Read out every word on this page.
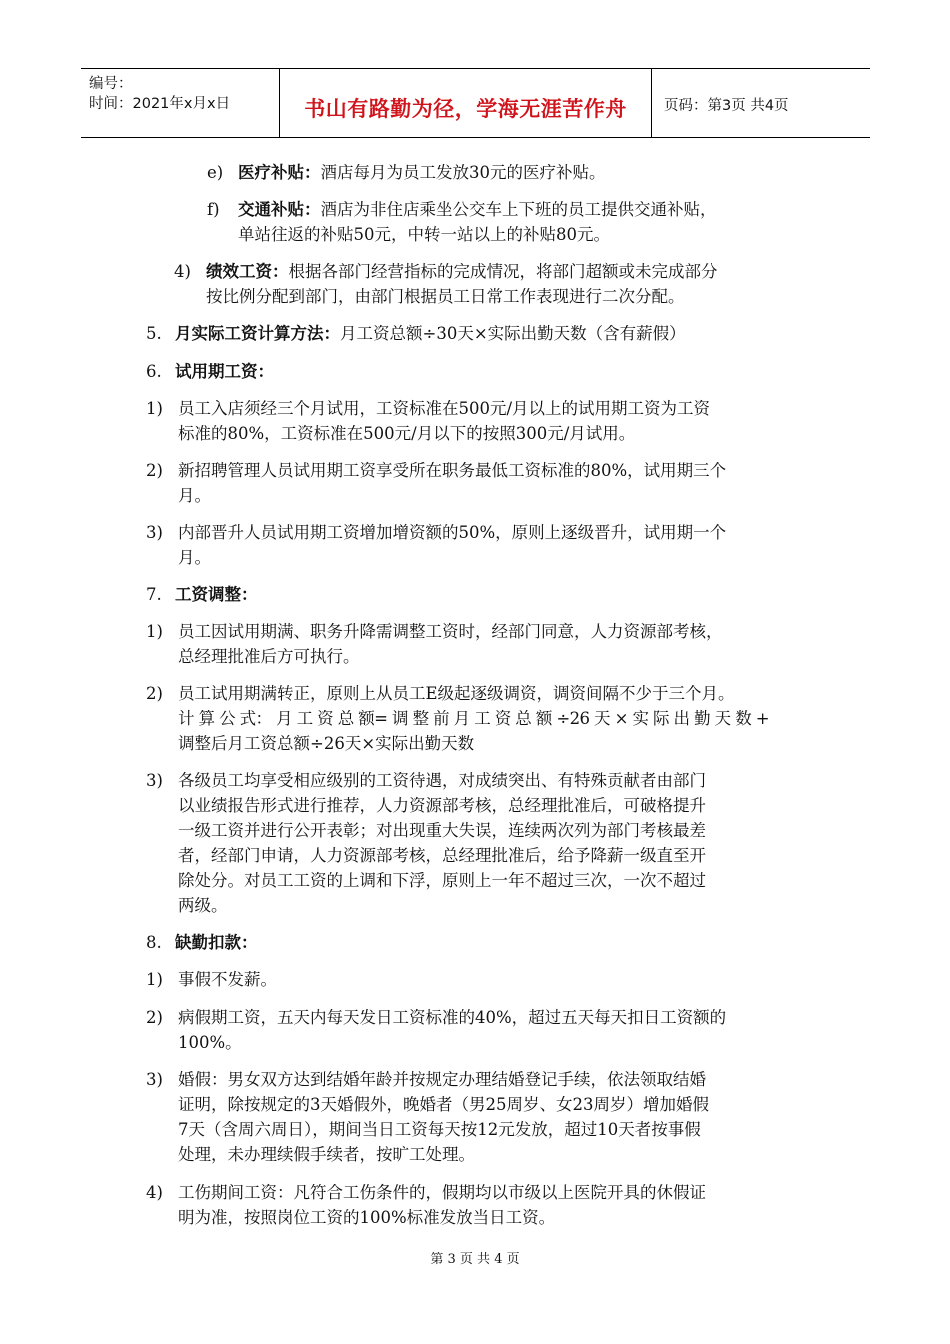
编号：
时间：2021年x月x日	书山有路勤为径，学海无涯苦作舟	页码：第3页 共4页
e) 医疗补贴：酒店每月为员工发放30元的医疗补贴。
f) 交通补贴：酒店为非住店乘坐公交车上下班的员工提供交通补贴，
单站往返的补贴50元，中转一站以上的补贴80元。
4) 绩效工资：根据各部门经营指标的完成情况，将部门超额或未完成部分
按比例分配到部门，由部门根据员工日常工作表现进行二次分配。
5. 月实际工资计算方法：月工资总额÷30天×实际出勤天数（含有薪假）
6. 试用期工资：
1) 员工入店须经三个月试用，工资标准在500元/月以上的试用期工资为工资
标准的80%，工资标准在500元/月以下的按照300元/月试用。
2) 新招聘管理人员试用期工资享受所在职务最低工资标准的80%，试用期三个
月。
3) 内部晋升人员试用期工资增加增资额的50%，原则上逐级晋升，试用期一个
月。
7. 工资调整：
1) 员工因试用期满、职务升降需调整工资时，经部门同意，人力资源部考核，
总经理批准后方可执行。
2) 员工试用期满转正，原则上从员工E级起逐级调资，调资间隔不少于三个月。
计 算 公 式： 月 工 资 总 额= 调 整 前 月 工 资 总 额 ÷26 天 × 实 际 出 勤 天 数 +
调整后月工资总额÷26天×实际出勤天数
3) 各级员工均享受相应级别的工资待遇，对成绩突出、有特殊贡献者由部门
以业绩报告形式进行推荐，人力资源部考核，总经理批准后，可破格提升
一级工资并进行公开表彰；对出现重大失误，连续两次列为部门考核最差
者，经部门申请，人力资源部考核，总经理批准后，给予降薪一级直至开
除处分。对员工工资的上调和下浮，原则上一年不超过三次，一次不超过
两级。
8. 缺勤扣款：
1) 事假不发薪。
2) 病假期工资，五天内每天发日工资标准的40%，超过五天每天扣日工资额的
100%。
3) 婚假：男女双方达到结婚年龄并按规定办理结婚登记手续，依法领取结婚
证明，除按规定的3天婚假外，晚婚者（男25周岁、女23周岁）增加婚假
7天（含周六周日），期间当日工资每天按12元发放，超过10天者按事假
处理，未办理续假手续者，按旷工处理。
4) 工伤期间工资：凡符合工伤条件的，假期均以市级以上医院开具的休假证
明为准，按照岗位工资的100%标准发放当日工资。
第 3 页 共 4 页
